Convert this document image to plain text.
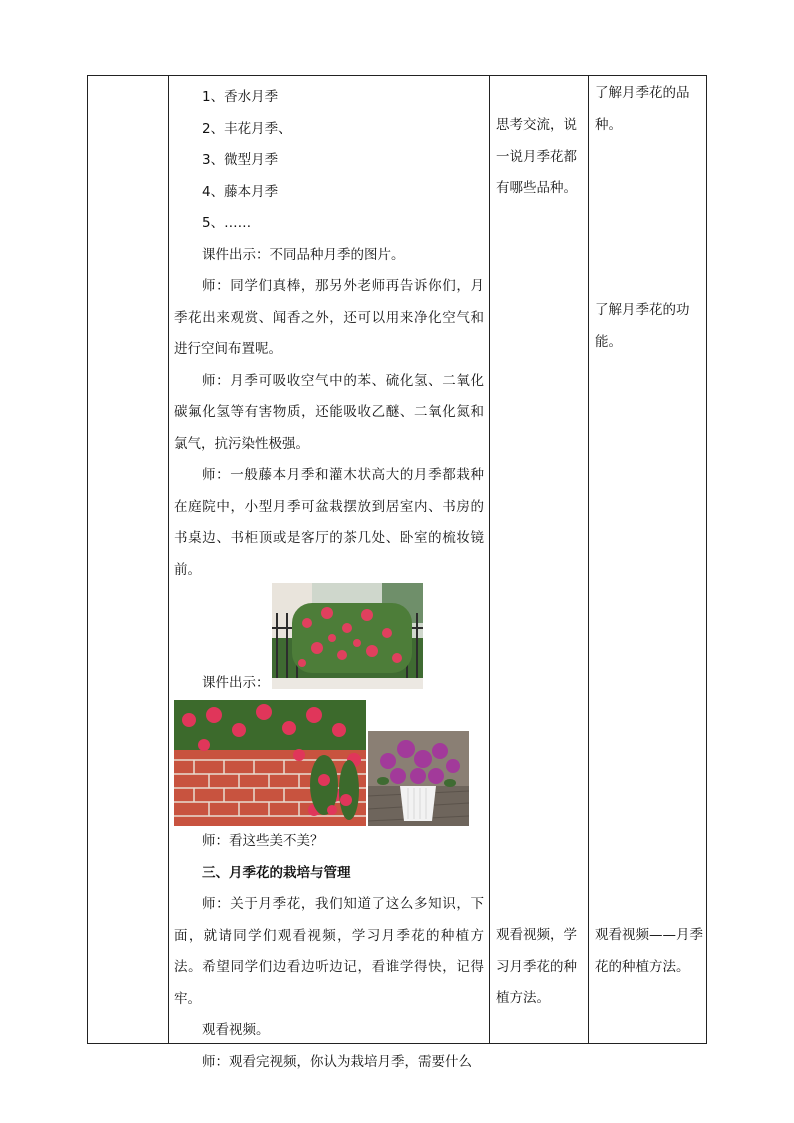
1、香水月季

2、丰花月季、

3、微型月季

4、藤本月季

5、……

课件出示：不同品种月季的图片。

师：同学们真棒，那另外老师再告诉你们，月季花出来观赏、闻香之外，还可以用来净化空气和进行空间布置呢。

师：月季可吸收空气中的苯、硫化氢、二氧化碳氟化氢等有害物质，还能吸收乙醚、二氧化氮和氯气，抗污染性极强。

师：一般藤本月季和灌木状高大的月季都栽种在庭院中，小型月季可盆栽摆放到居室内、书房的书桌边、书柜顶或是客厅的茶几处、卧室的梳妆镜前。

课件出示：

师：看这些美不美？

三、月季花的栽培与管理

师：关于月季花，我们知道了这么多知识，下面，就请同学们观看视频，学习月季花的种植方法。希望同学们边看边听边记，看谁学得快，记得牢。

观看视频。

师：观看完视频，你认为栽培月季，需要什么

思考交流，说一说月季花都有哪些品种。
观看视频，学习月季花的种植方法。
了解月季花的品种。
了解月季花的功能。
观看视频——月季花的种植方法。
